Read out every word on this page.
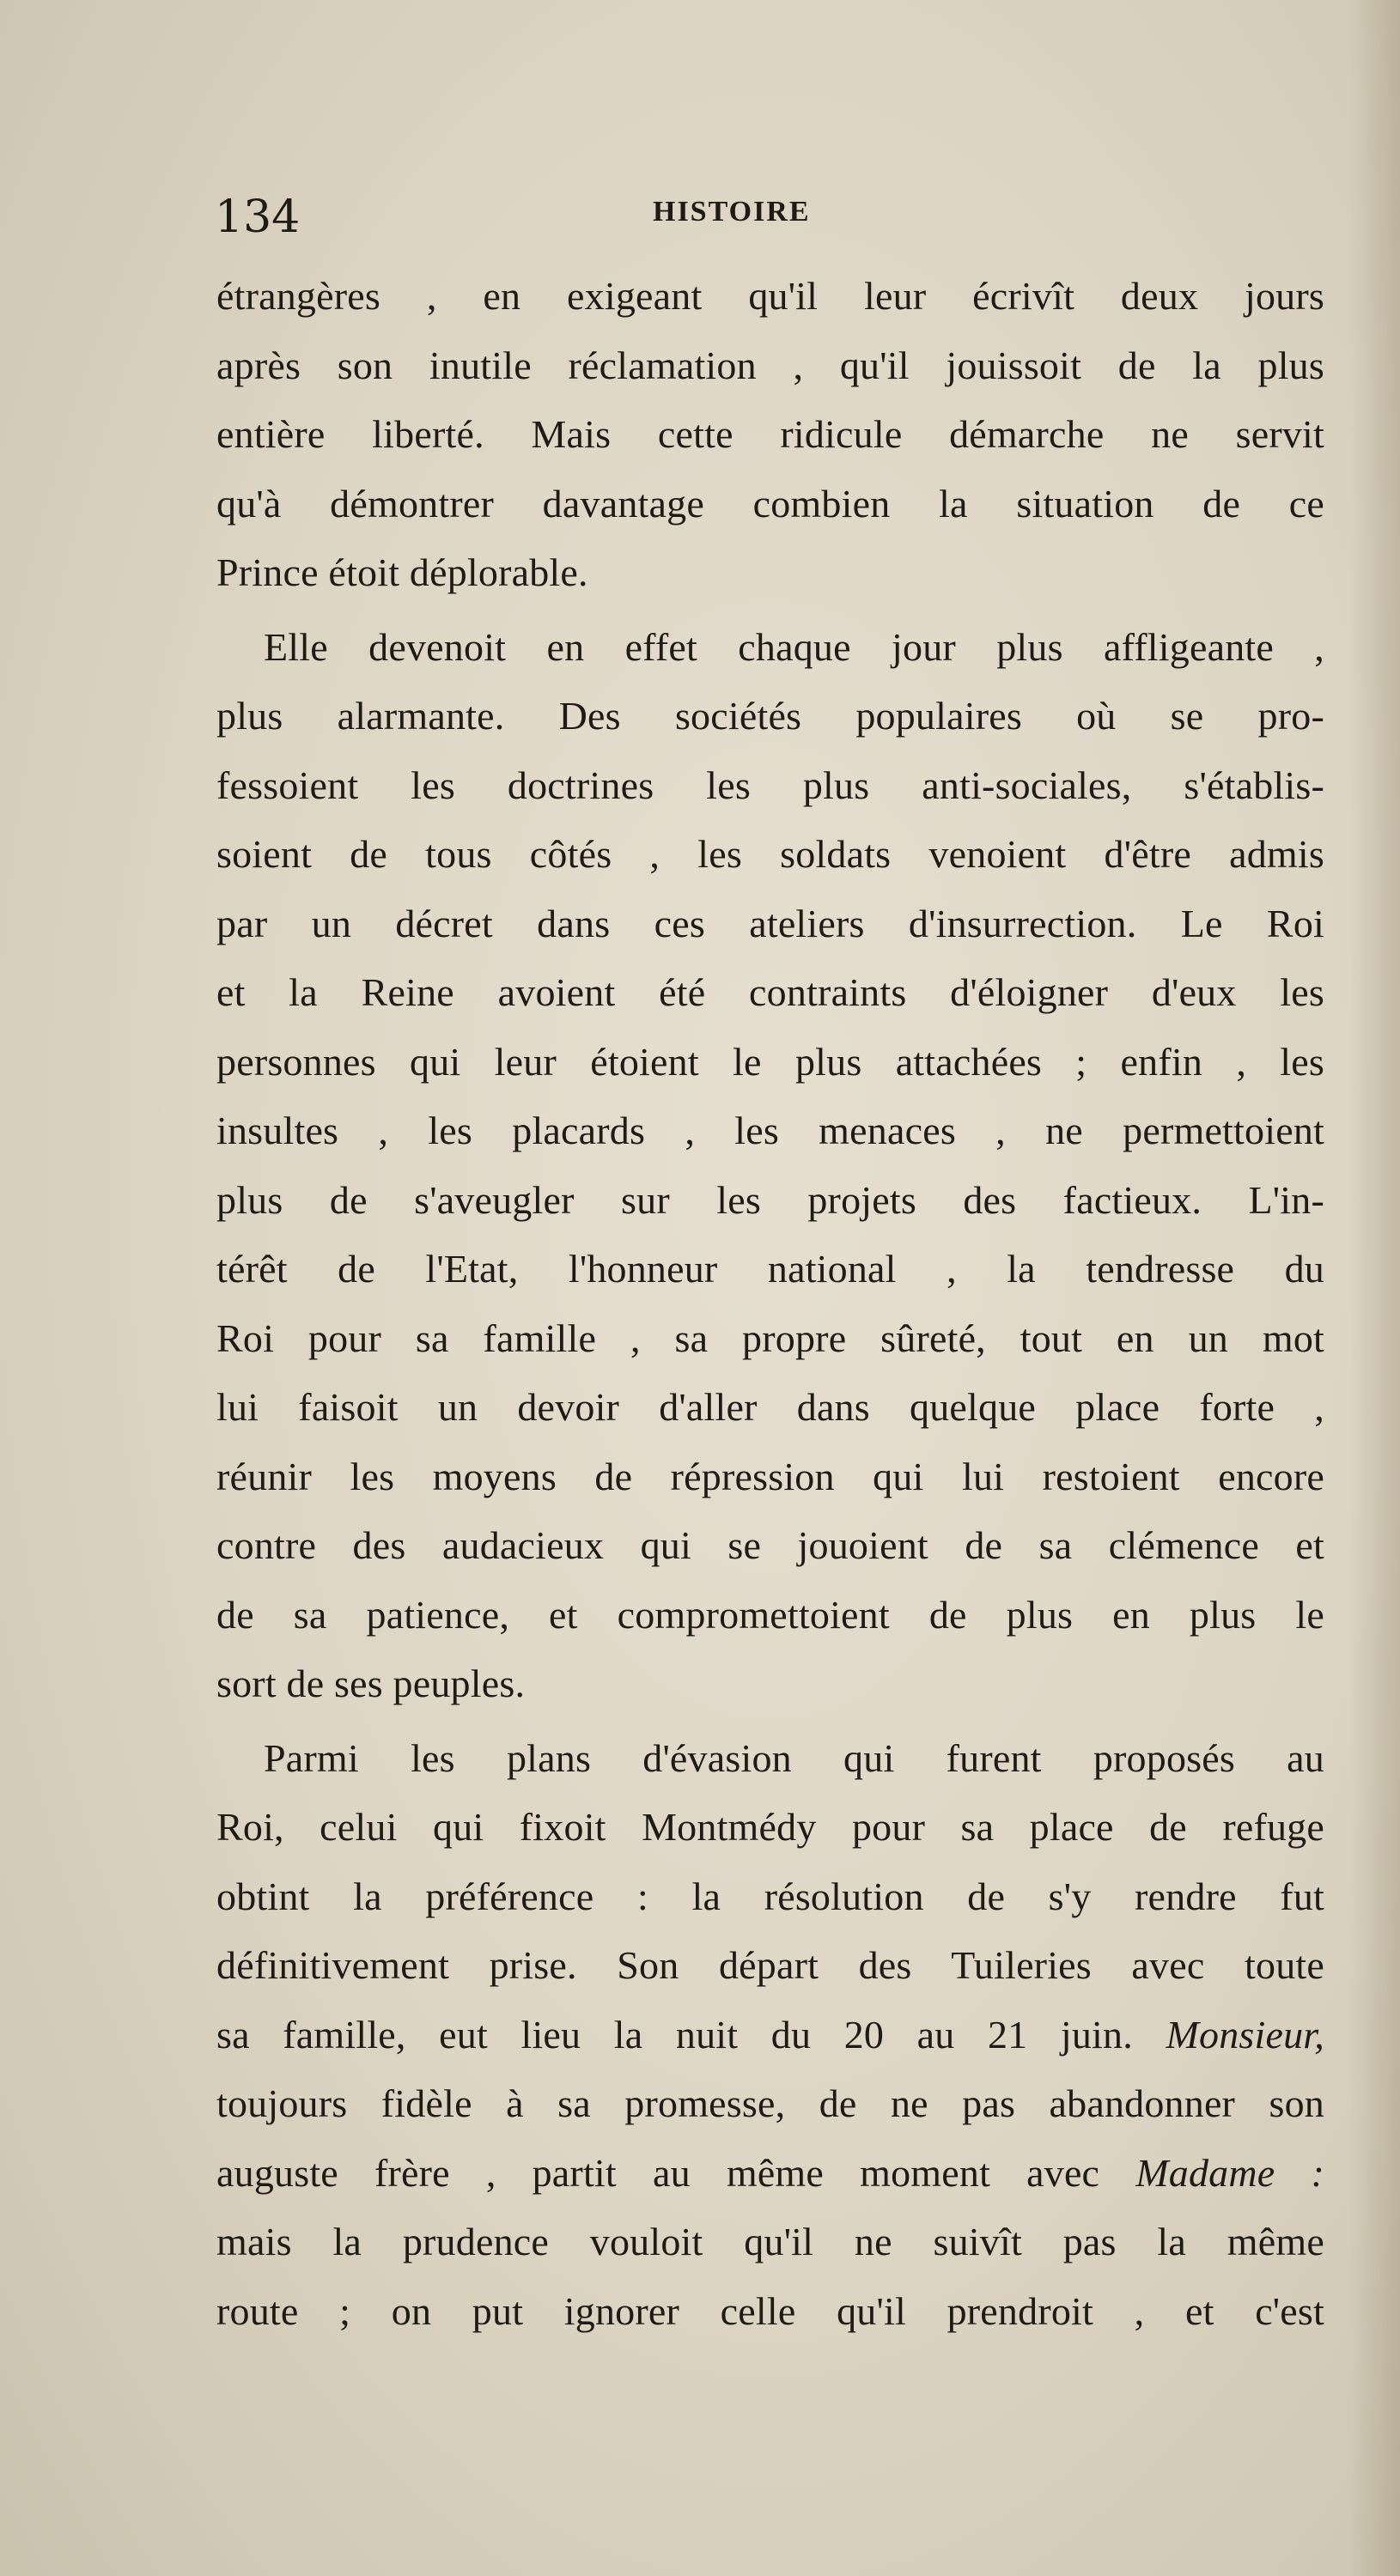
134	HISTOIRE
étrangères , en exigeant qu'il leur écrivît deux jours
après son inutile réclamation , qu'il jouissoit de la plus
entière liberté. Mais cette ridicule démarche ne servit
qu'à démontrer davantage combien la situation de ce
Prince étoit déplorable.
Elle devenoit en effet chaque jour plus affligeante ,
plus alarmante. Des sociétés populaires où se pro-
fessoient les doctrines les plus anti-sociales, s'établis-
soient de tous côtés , les soldats venoient d'être admis
par un décret dans ces ateliers d'insurrection. Le Roi
et la Reine avoient été contraints d'éloigner d'eux les
personnes qui leur étoient le plus attachées ; enfin , les
insultes , les placards , les menaces , ne permettoient
plus de s'aveugler sur les projets des factieux. L'in-
térêt de l'Etat, l'honneur national , la tendresse du
Roi pour sa famille , sa propre sûreté, tout en un mot
lui faisoit un devoir d'aller dans quelque place forte ,
réunir les moyens de répression qui lui restoient encore
contre des audacieux qui se jouoient de sa clémence et
de sa patience, et compromettoient de plus en plus le
sort de ses peuples.
Parmi les plans d'évasion qui furent proposés au
Roi, celui qui fixoit Montmédy pour sa place de refuge
obtint la préférence : la résolution de s'y rendre fut
définitivement prise. Son départ des Tuileries avec toute
sa famille, eut lieu la nuit du 20 au 21 juin. Monsieur,
toujours fidèle à sa promesse, de ne pas abandonner son
auguste frère , partit au même moment avec Madame :
mais la prudence vouloit qu'il ne suivît pas la même
route ; on put ignorer celle qu'il prendroit , et c'est
